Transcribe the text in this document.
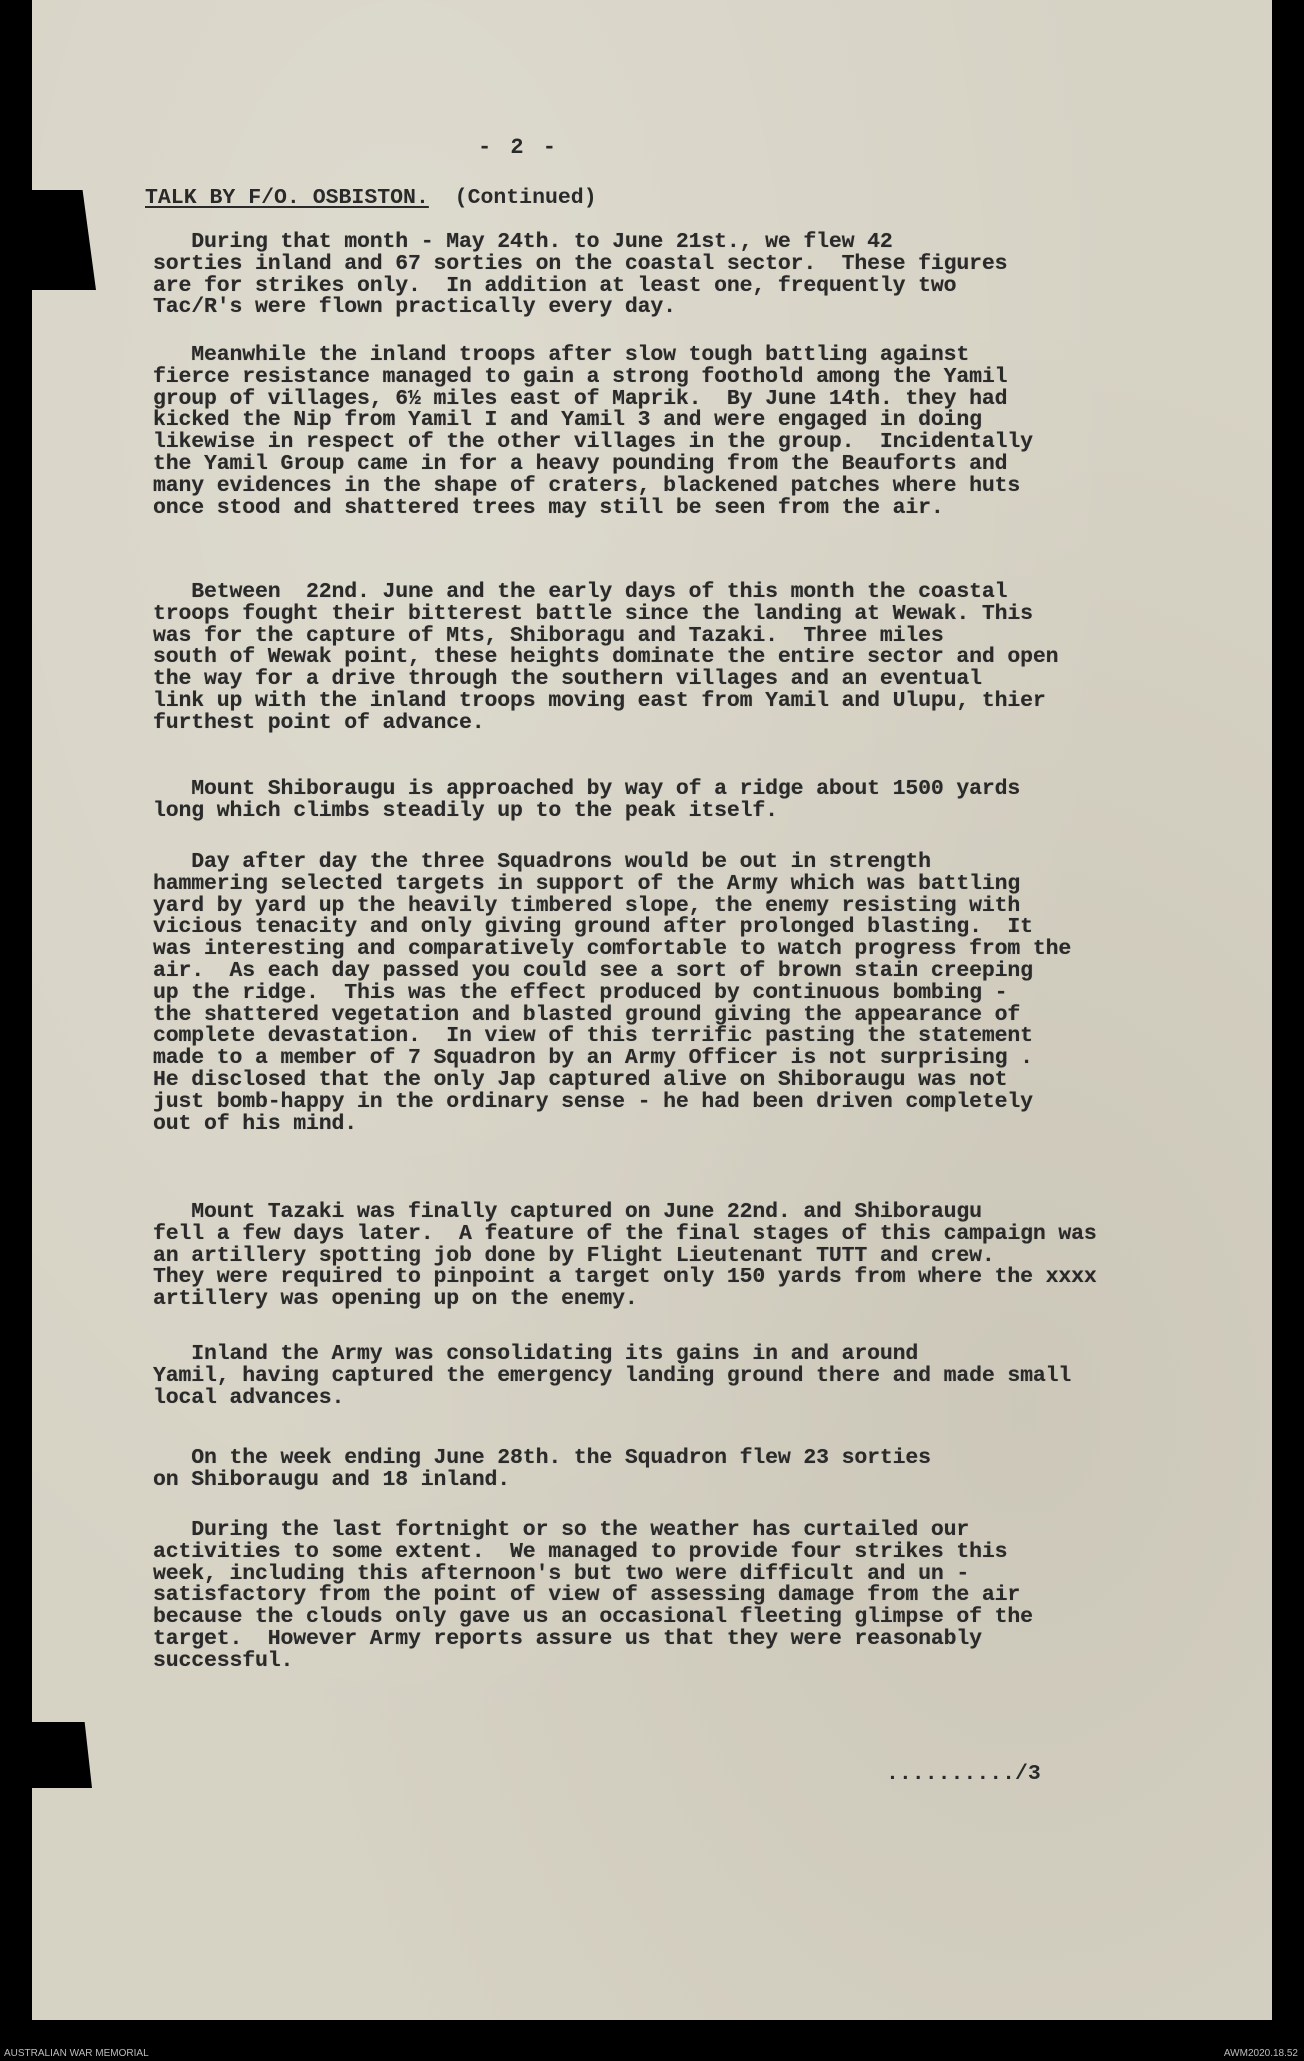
- 2 -
TALK BY F/O. OSBISTON. (Continued)
During that month - May 24th. to June 21st., we flew 42
sorties inland and 67 sorties on the coastal sector.  These figures
are for strikes only.  In addition at least one, frequently two
Tac/R's were flown practically every day.
Meanwhile the inland troops after slow tough battling against
fierce resistance managed to gain a strong foothold among the Yamil
group of villages, 6½ miles east of Maprik.  By June 14th. they had
kicked the Nip from Yamil I and Yamil 3 and were engaged in doing
likewise in respect of the other villages in the group.  Incidentally
the Yamil Group came in for a heavy pounding from the Beauforts and
many evidences in the shape of craters, blackened patches where huts
once stood and shattered trees may still be seen from the air.
Between  22nd. June and the early days of this month the coastal
troops fought their bitterest battle since the landing at Wewak. This
was for the capture of Mts, Shiboragu and Tazaki.  Three miles
south of Wewak point, these heights dominate the entire sector and open
the way for a drive through the southern villages and an eventual
link up with the inland troops moving east from Yamil and Ulupu, thier
furthest point of advance.
Mount Shiboraugu is approached by way of a ridge about 1500 yards
long which climbs steadily up to the peak itself.
Day after day the three Squadrons would be out in strength
hammering selected targets in support of the Army which was battling
yard by yard up the heavily timbered slope, the enemy resisting with
vicious tenacity and only giving ground after prolonged blasting.  It
was interesting and comparatively comfortable to watch progress from the
air.  As each day passed you could see a sort of brown stain creeping
up the ridge.  This was the effect produced by continuous bombing -
the shattered vegetation and blasted ground giving the appearance of
complete devastation.  In view of this terrific pasting the statement
made to a member of 7 Squadron by an Army Officer is not surprising .
He disclosed that the only Jap captured alive on Shiboraugu was not
just bomb-happy in the ordinary sense - he had been driven completely
out of his mind.
Mount Tazaki was finally captured on June 22nd. and Shiboraugu
fell a few days later.  A feature of the final stages of this campaign was
an artillery spotting job done by Flight Lieutenant TUTT and crew.
They were required to pinpoint a target only 150 yards from where the xxxx
artillery was opening up on the enemy.
Inland the Army was consolidating its gains in and around
Yamil, having captured the emergency landing ground there and made small
local advances.
On the week ending June 28th. the Squadron flew 23 sorties
on Shiboraugu and 18 inland.
During the last fortnight or so the weather has curtailed our
activities to some extent.  We managed to provide four strikes this
week, including this afternoon's but two were difficult and un -
satisfactory from the point of view of assessing damage from the air
because the clouds only gave us an occasional fleeting glimpse of the
target.  However Army reports assure us that they were reasonably
successful.
........../3
AUSTRALIAN WAR MEMORIAL	AWM2020.18.52
